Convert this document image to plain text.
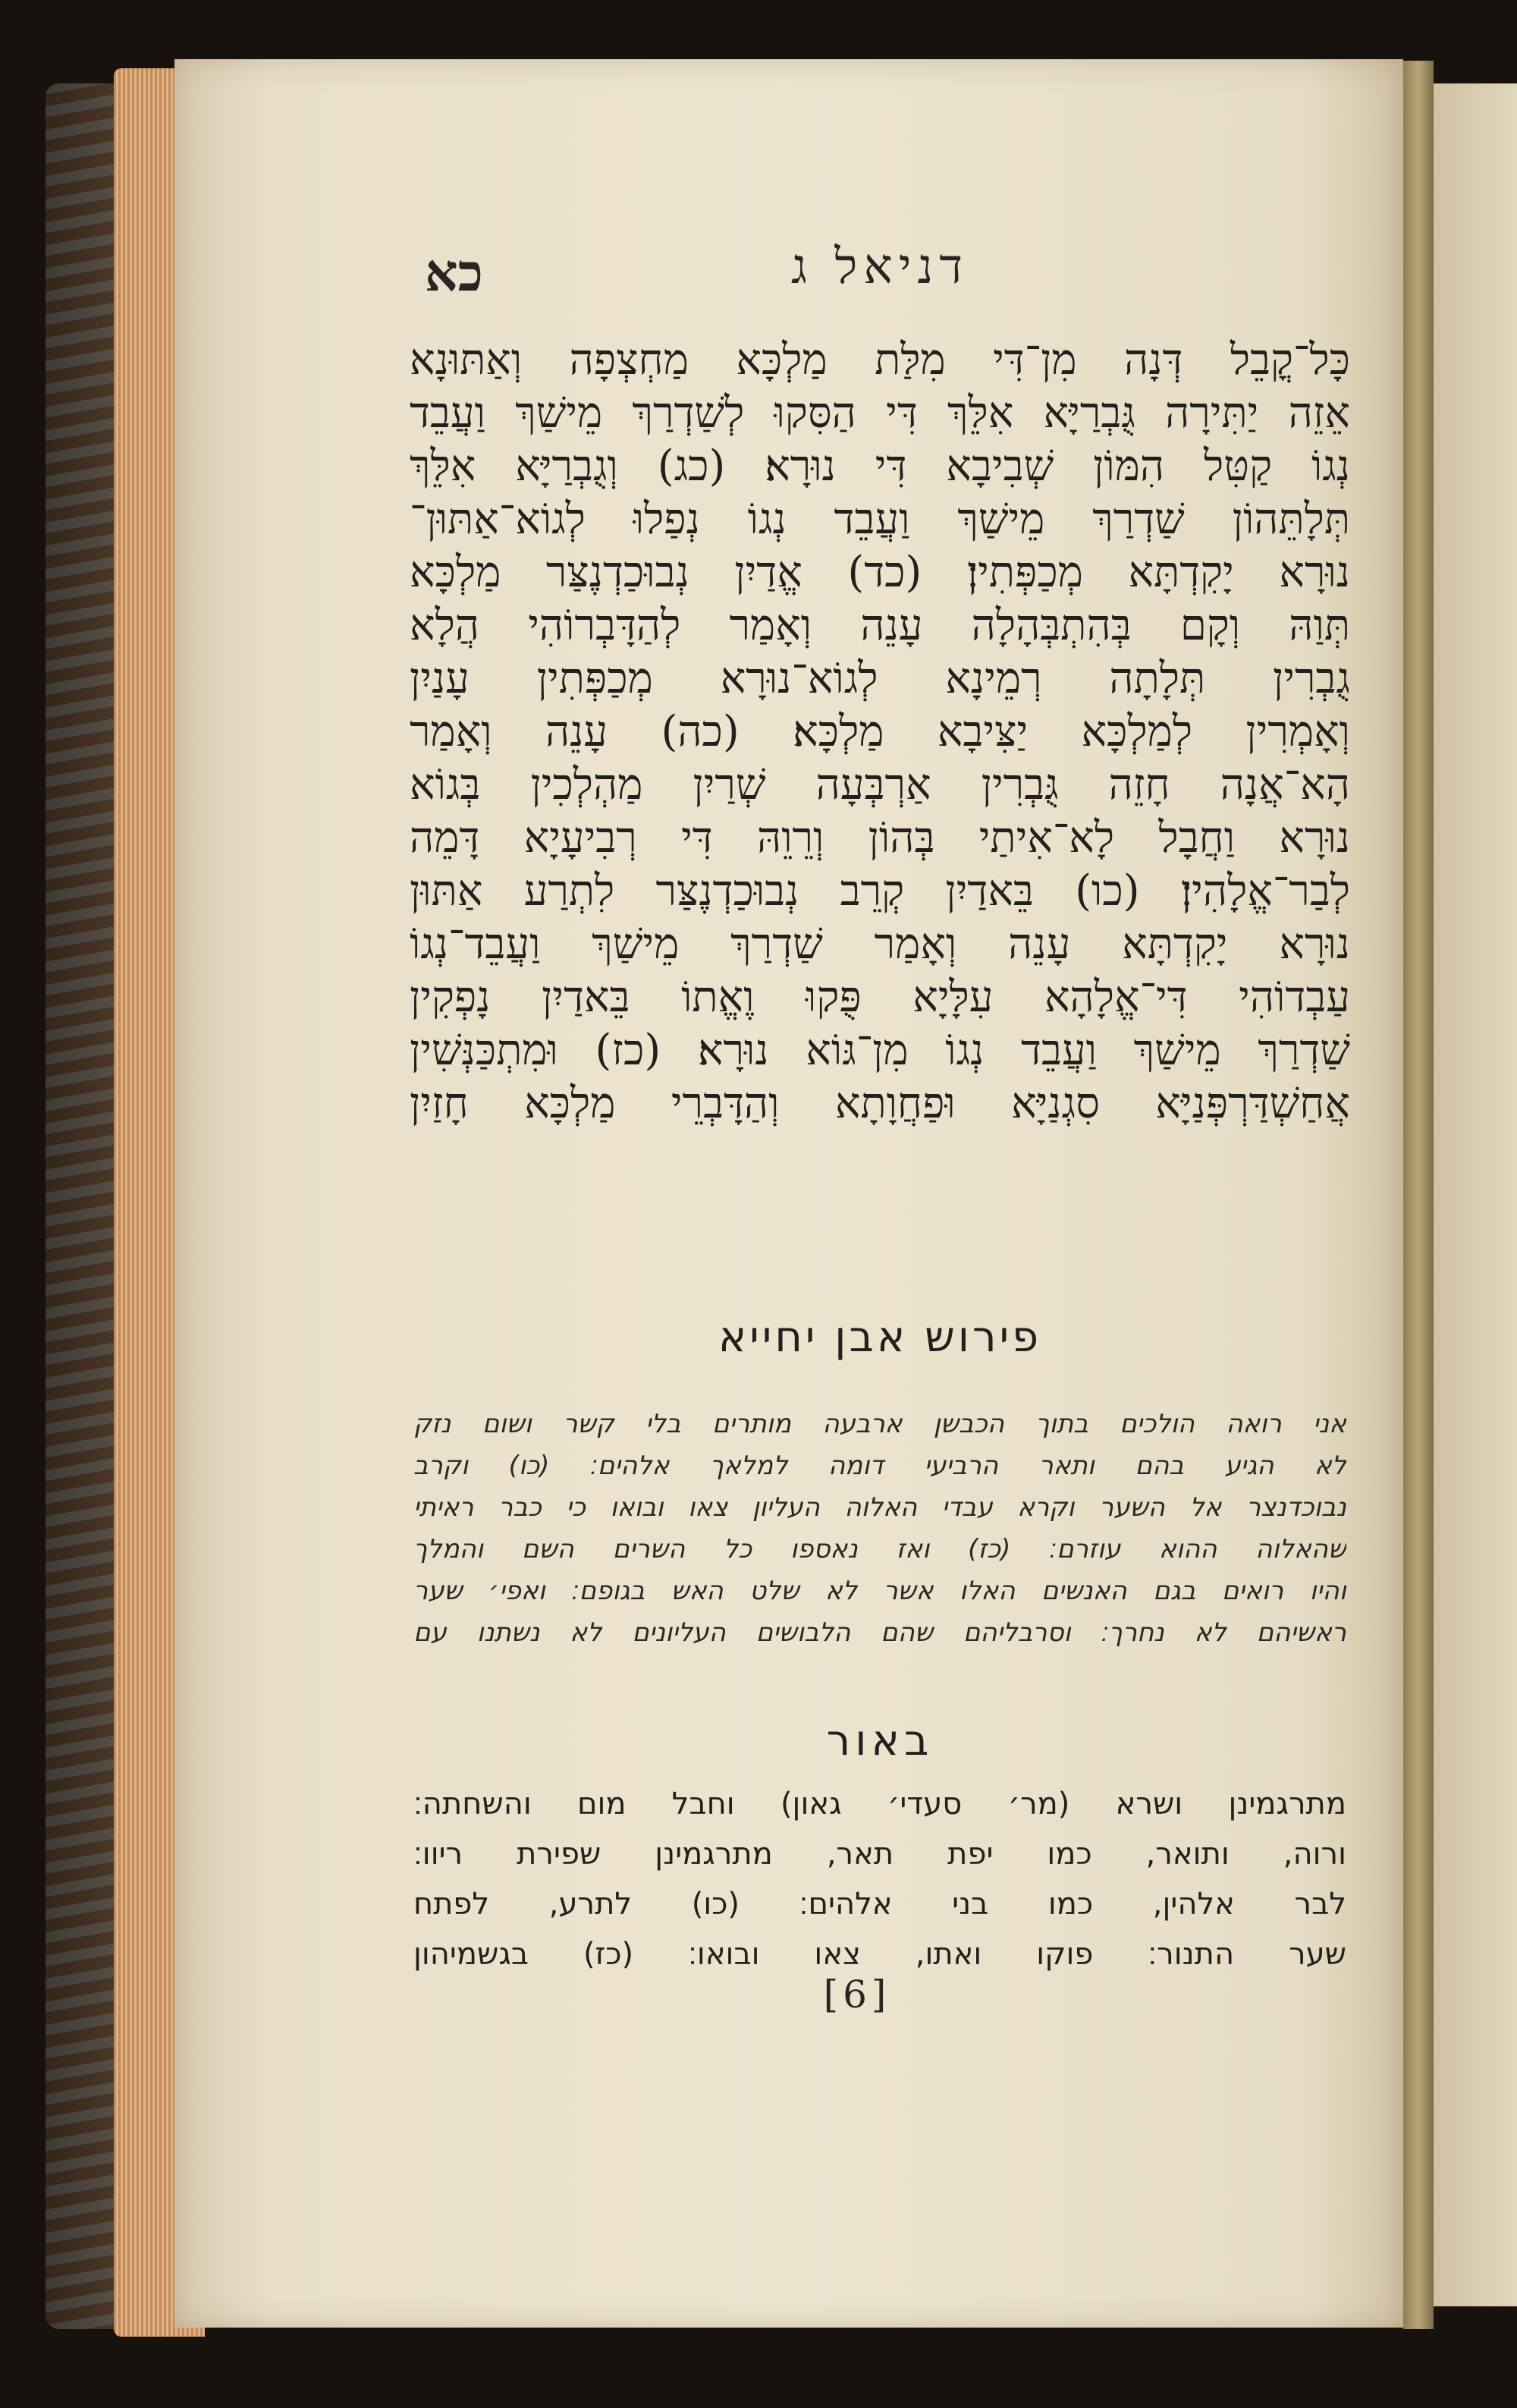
דניאל ג
כא
כָּל־קֳבֵל דְּנָה מִן־דִּי מִלַּת מַלְכָּא מַחְצְפָה וְאַתּוּנָא
אֵזֵה יַתִּירָה גֻּבְרַיָּא אִלֵּךְ דִּי הַסִּקוּ לְשַׁדְרַךְ מֵישַׁךְ וַעֲבֵד
נְגוֹ קַטִּל הִמּוֹן שְׁבִיבָא דִּי נוּרָא׃ (כג) וְגֻבְרַיָּא אִלֵּךְ
תְּלָתֵּהוֹן שַׁדְרַךְ מֵישַׁךְ וַעֲבֵד נְגוֹ נְפַלוּ לְגוֹא־אַתּוּן־
נוּרָא יָקִדְתָּא מְכַפְּתִין׃ (כד) אֱדַיִן נְבוּכַדְנֶצַּר מַלְכָּא
תְּוַהּ וְקָם בְּהִתְבְּהָלָה עָנֵה וְאָמַר לְהַדָּבְרוֹהִי הֲלָא
גֻבְרִין תְּלָתָה רְמֵינָא לְגוֹא־נוּרָא מְכַפְּתִין עָנַיִן
וְאָמְרִין לְמַלְכָּא יַצִּיבָא מַלְכָּא׃ (כה) עָנֵה וְאָמַר
הָא־אֲנָה חָזֵה גֻּבְרִין אַרְבְּעָה שְׁרַיִן מַהְלְכִין בְּגוֹא
נוּרָא וַחֲבָל לָא־אִיתַי בְּהוֹן וְרֵוֵהּ דִּי רְבִיעָיָא דָּמֵה
לְבַר־אֱלָהִין׃ (כו) בֵּאדַיִן קְרֵב נְבוּכַדְנֶצַּר לִתְרַע אַתּוּן
נוּרָא יָקִדְתָּא עָנֵה וְאָמַר שַׁדְרַךְ מֵישַׁךְ וַעֲבֵד־נְגוֹ
עַבְדוֹהִי דִּי־אֱלָהָא עִלָּיָא פֻּקוּ וֶאֱתוֹ בֵּאדַיִן נָפְקִין
שַׁדְרַךְ מֵישַׁךְ וַעֲבֵד נְגוֹ מִן־גּוֹא נוּרָא׃ (כז) וּמִתְכַּנְּשִׁין
אֲחַשְׁדַּרְפְּנַיָּא סִגְנַיָּא וּפַחֲוָתָא וְהַדָּבְרֵי מַלְכָּא חָזַיִן
פירוש אבן יחייא
אני רואה הולכים בתוך הכבשן ארבעה מותרים בלי קשר ושום נזק
לא הגיע בהם ותאר הרביעי דומה למלאך אלהים׃ (כו) וקרב
נבוכדנצר אל השער וקרא עבדי האלוה העליון צאו ובואו כי כבר ראיתי
שהאלוה ההוא עוזרם׃ (כז) ואז נאספו כל השרים השם והמלך
והיו רואים בגם האנשים האלו אשר לא שלט האש בגופם׃ ואפי׳ שער
ראשיהם לא נחרך׃ וסרבליהם שהם הלבושים העליונים לא נשתנו עם
באור
מתרגמינן ושרא (מר׳ סעדי׳ גאון) וחבל מום והשחתה׃
ורוה, ותואר, כמו יפת תאר, מתרגמינן שפירת ריוו׃
לבר אלהין, כמו בני אלהים׃ (כו) לתרע, לפתח
שער התנור׃ פוקו ואתו, צאו ובואו׃ (כז) בגשמיהון
[6]
